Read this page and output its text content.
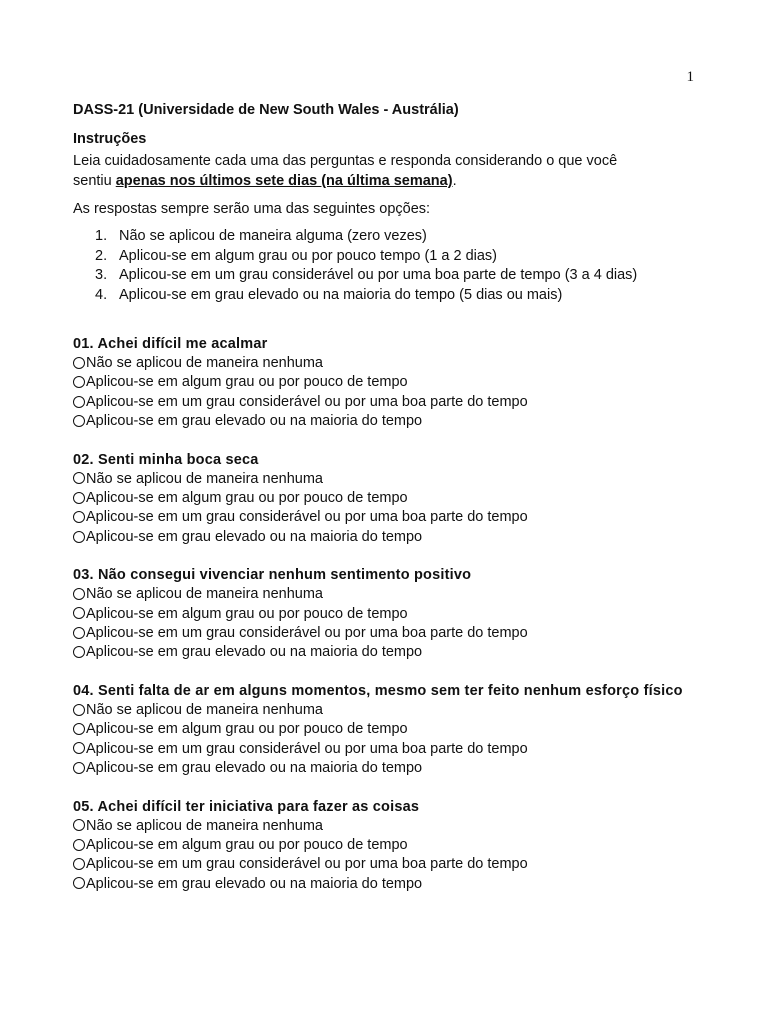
1
DASS-21 (Universidade de New South Wales - Austrália)
Instruções
Leia cuidadosamente cada uma das perguntas e responda considerando o que você
sentiu apenas nos últimos sete dias (na última semana).
As respostas sempre serão uma das seguintes opções:
1. Não se aplicou de maneira alguma (zero vezes)
2. Aplicou-se em algum grau ou por pouco tempo (1 a 2 dias)
3. Aplicou-se em um grau considerável ou por uma boa parte de tempo (3 a 4 dias)
4. Aplicou-se em grau elevado ou na maioria do tempo (5 dias ou mais)
01. Achei difícil me acalmar
Não se aplicou de maneira nenhuma
Aplicou-se em algum grau ou por pouco de tempo
Aplicou-se em um grau considerável ou por uma boa parte do tempo
Aplicou-se em grau elevado ou na maioria do tempo
02. Senti minha boca seca
Não se aplicou de maneira nenhuma
Aplicou-se em algum grau ou por pouco de tempo
Aplicou-se em um grau considerável ou por uma boa parte do tempo
Aplicou-se em grau elevado ou na maioria do tempo
03. Não consegui vivenciar nenhum sentimento positivo
Não se aplicou de maneira nenhuma
Aplicou-se em algum grau ou por pouco de tempo
Aplicou-se em um grau considerável ou por uma boa parte do tempo
Aplicou-se em grau elevado ou na maioria do tempo
04. Senti falta de ar em alguns momentos, mesmo sem ter feito nenhum esforço físico
Não se aplicou de maneira nenhuma
Aplicou-se em algum grau ou por pouco de tempo
Aplicou-se em um grau considerável ou por uma boa parte do tempo
Aplicou-se em grau elevado ou na maioria do tempo
05. Achei difícil ter iniciativa para fazer as coisas
Não se aplicou de maneira nenhuma
Aplicou-se em algum grau ou por pouco de tempo
Aplicou-se em um grau considerável ou por uma boa parte do tempo
Aplicou-se em grau elevado ou na maioria do tempo
